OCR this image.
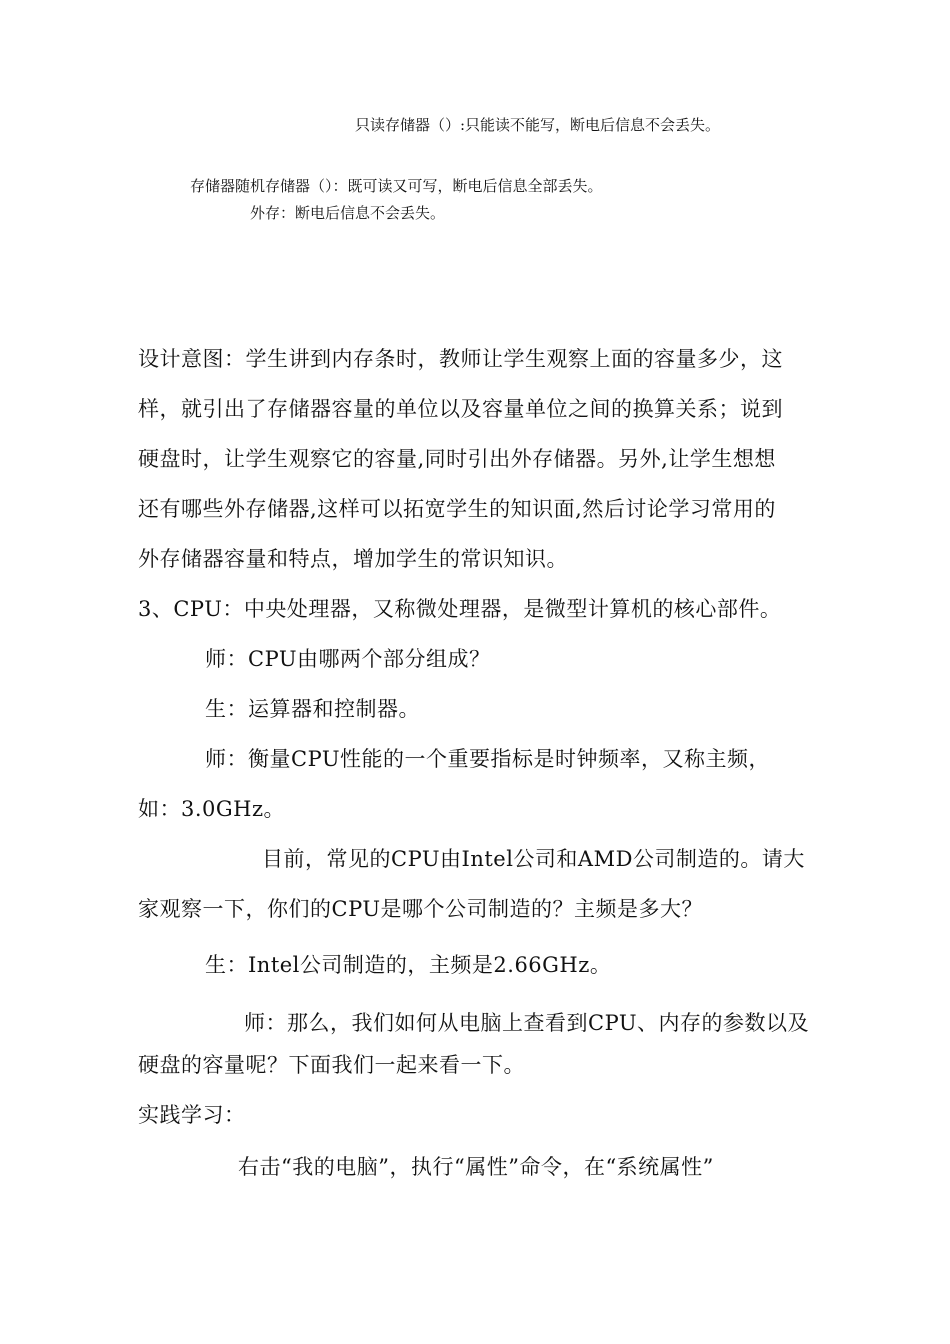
只读存储器（）:只能读不能写，断电后信息不会丢失。

存储器随机存储器（）：既可读又可写，断电后信息全部丢失。

外存：断电后信息不会丢失。

设计意图：学生讲到内存条时，教师让学生观察上面的容量多少，这

样，就引出了存储器容量的单位以及容量单位之间的换算关系；说到

硬盘时，让学生观察它的容量,同时引出外存储器。另外,让学生想想

还有哪些外存储器,这样可以拓宽学生的知识面,然后讨论学习常用的

外存储器容量和特点，增加学生的常识知识。

3、CPU：中央处理器，又称微处理器，是微型计算机的核心部件。

师：CPU由哪两个部分组成？

生：运算器和控制器。

师：衡量CPU性能的一个重要指标是时钟频率，又称主频，

如：3.0GHz。

目前，常见的CPU由Intel公司和AMD公司制造的。请大

家观察一下，你们的CPU是哪个公司制造的？主频是多大？

生：Intel公司制造的，主频是2.66GHz。

师：那么，我们如何从电脑上查看到CPU、内存的参数以及

硬盘的容量呢？下面我们一起来看一下。

实践学习：

右击“我的电脑”，执行“属性”命令，在“系统属性”
